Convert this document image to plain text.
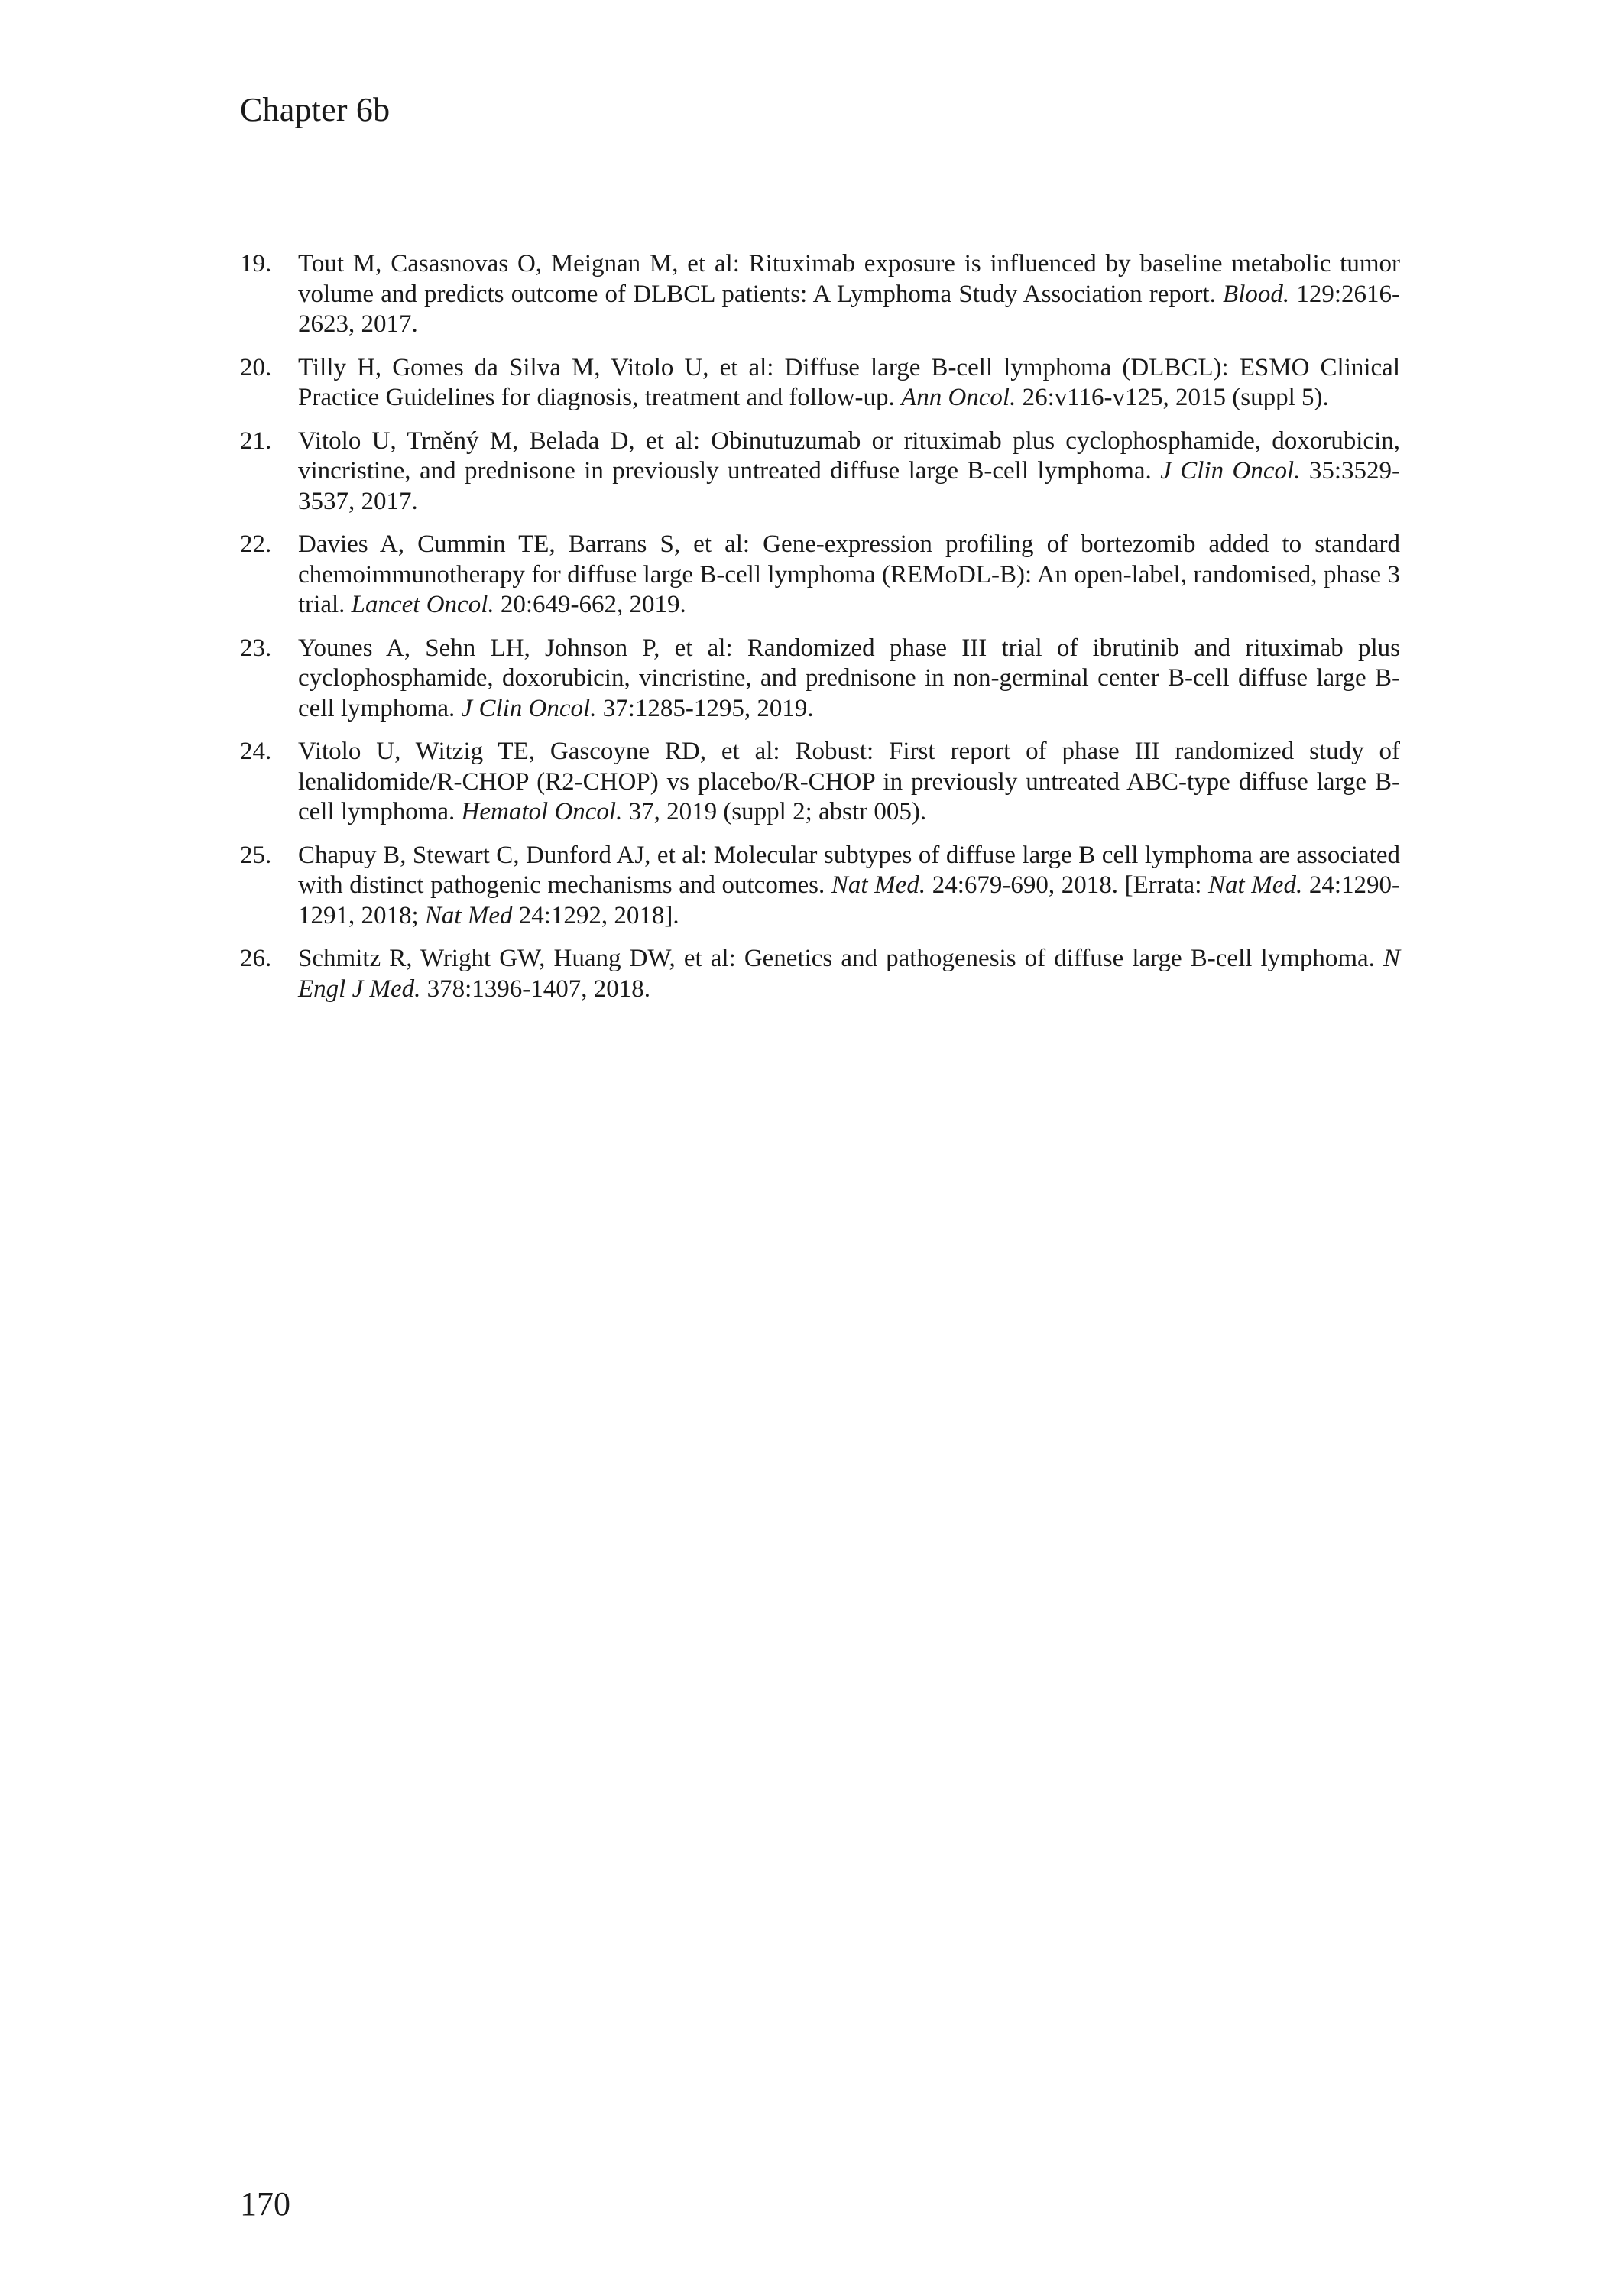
Chapter 6b
19.	Tout M, Casasnovas O, Meignan M, et al: Rituximab exposure is influenced by baseline metabolic tumor volume and predicts outcome of DLBCL patients: A Lymphoma Study Association report. Blood. 129:2616-2623, 2017.
20.	Tilly H, Gomes da Silva M, Vitolo U, et al: Diffuse large B-cell lymphoma (DLBCL): ESMO Clinical Practice Guidelines for diagnosis, treatment and follow-up. Ann Oncol. 26:v116-v125, 2015 (suppl 5).
21.	Vitolo U, Trněný M, Belada D, et al: Obinutuzumab or rituximab plus cyclophosphamide, doxorubicin, vincristine, and prednisone in previously untreated diffuse large B-cell lymphoma. J Clin Oncol. 35:3529-3537, 2017.
22.	Davies A, Cummin TE, Barrans S, et al: Gene-expression profiling of bortezomib added to standard chemoimmunotherapy for diffuse large B-cell lymphoma (REMoDL-B): An open-label, randomised, phase 3 trial. Lancet Oncol. 20:649-662, 2019.
23.	Younes A, Sehn LH, Johnson P, et al: Randomized phase III trial of ibrutinib and rituximab plus cyclophosphamide, doxorubicin, vincristine, and prednisone in non-germinal center B-cell diffuse large B-cell lymphoma. J Clin Oncol. 37:1285-1295, 2019.
24.	Vitolo U, Witzig TE, Gascoyne RD, et al: Robust: First report of phase III randomized study of lenalidomide/R-CHOP (R2-CHOP) vs placebo/R-CHOP in previously untreated ABC-type diffuse large B-cell lymphoma. Hematol Oncol. 37, 2019 (suppl 2; abstr 005).
25.	Chapuy B, Stewart C, Dunford AJ, et al: Molecular subtypes of diffuse large B cell lymphoma are associated with distinct pathogenic mechanisms and outcomes. Nat Med. 24:679-690, 2018. [Errata: Nat Med. 24:1290-1291, 2018; Nat Med 24:1292, 2018].
26.	Schmitz R, Wright GW, Huang DW, et al: Genetics and pathogenesis of diffuse large B-cell lymphoma. N Engl J Med. 378:1396-1407, 2018.
170
